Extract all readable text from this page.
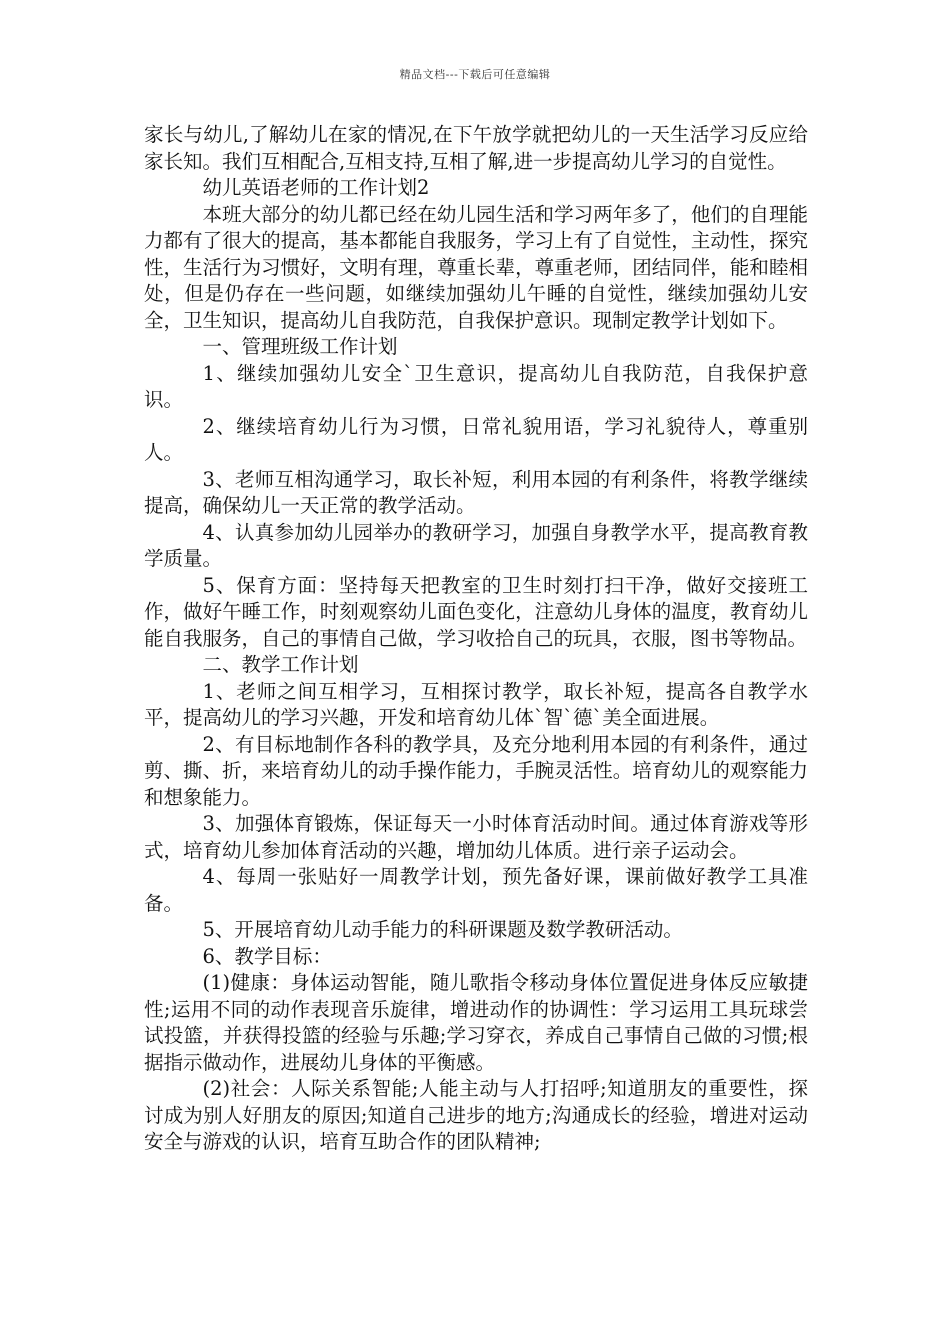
精品文档---下载后可任意编辑

家长与幼儿,了解幼儿在家的情况,在下午放学就把幼儿的一天生活学习反应给家长知。我们互相配合,互相支持,互相了解,进一步提高幼儿学习的自觉性。

幼儿英语老师的工作计划2

本班大部分的幼儿都已经在幼儿园生活和学习两年多了，他们的自理能力都有了很大的提高，基本都能自我服务，学习上有了自觉性，主动性，探究性，生活行为习惯好，文明有理，尊重长辈，尊重老师，团结同伴，能和睦相处，但是仍存在一些问题，如继续加强幼儿午睡的自觉性，继续加强幼儿安全，卫生知识，提高幼儿自我防范，自我保护意识。现制定教学计划如下。

一、管理班级工作计划

1、继续加强幼儿安全`卫生意识，提高幼儿自我防范，自我保护意识。

2、继续培育幼儿行为习惯，日常礼貌用语，学习礼貌待人，尊重别人。

3、老师互相沟通学习，取长补短，利用本园的有利条件，将教学继续提高，确保幼儿一天正常的教学活动。

4、认真参加幼儿园举办的教研学习，加强自身教学水平，提高教育教学质量。

5、保育方面：坚持每天把教室的卫生时刻打扫干净，做好交接班工作，做好午睡工作，时刻观察幼儿面色变化，注意幼儿身体的温度，教育幼儿能自我服务，自己的事情自己做，学习收拾自己的玩具，衣服，图书等物品。

二、教学工作计划

1、老师之间互相学习，互相探讨教学，取长补短，提高各自教学水平，提高幼儿的学习兴趣，开发和培育幼儿体`智`德`美全面进展。

2、有目标地制作各科的教学具，及充分地利用本园的有利条件，通过剪、撕、折，来培育幼儿的动手操作能力，手腕灵活性。培育幼儿的观察能力和想象能力。

3、加强体育锻炼，保证每天一小时体育活动时间。通过体育游戏等形式，培育幼儿参加体育活动的兴趣，增加幼儿体质。进行亲子运动会。

4、每周一张贴好一周教学计划，预先备好课，课前做好教学工具准备。

5、开展培育幼儿动手能力的科研课题及数学教研活动。

6、教学目标：

(1)健康：身体运动智能，随儿歌指令移动身体位置促进身体反应敏捷性;运用不同的动作表现音乐旋律，增进动作的协调性：学习运用工具玩球尝试投篮，并获得投篮的经验与乐趣;学习穿衣，养成自己事情自己做的习惯;根据指示做动作，进展幼儿身体的平衡感。

(2)社会：人际关系智能;人能主动与人打招呼;知道朋友的重要性，探讨成为别人好朋友的原因;知道自己进步的地方;沟通成长的经验，增进对运动安全与游戏的认识，培育互助合作的团队精神;
